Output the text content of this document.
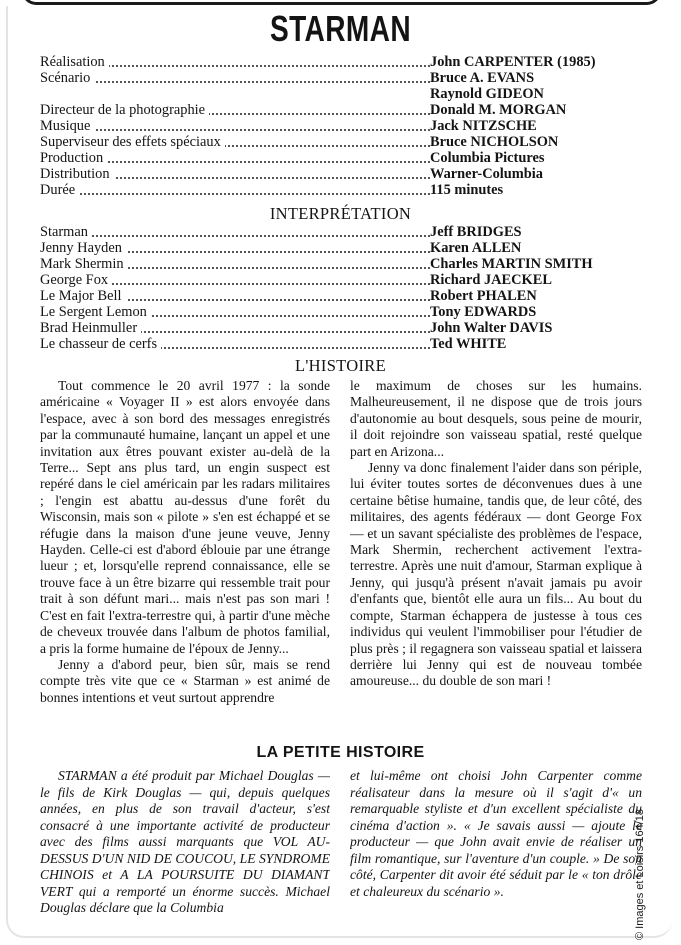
STARMAN
Réalisation	John CARPENTER (1985)
Scénario	Bruce A. EVANS
Raynold GIDEON
Directeur de la photographie	Donald M. MORGAN
Musique	Jack NITZSCHE
Superviseur des effets spéciaux	Bruce NICHOLSON
Production	Columbia Pictures
Distribution	Warner-Columbia
Durée	115 minutes
INTERPRÉTATION
Starman	Jeff BRIDGES
Jenny Hayden	Karen ALLEN
Mark Shermin	Charles MARTIN SMITH
George Fox	Richard JAECKEL
Le Major Bell	Robert PHALEN
Le Sergent Lemon	Tony EDWARDS
Brad Heinmuller	John Walter DAVIS
Le chasseur de cerfs	Ted WHITE
L'HISTOIRE

Tout commence le 20 avril 1977 : la sonde américaine « Voyager II » est alors envoyée dans l'espace, avec à son bord des messages enregistrés par la communauté humaine, lançant un appel et une invitation aux êtres pouvant exister au-delà de la Terre... Sept ans plus tard, un engin suspect est repéré dans le ciel américain par les radars militaires ; l'engin est abattu au-dessus d'une forêt du Wisconsin, mais son « pilote » s'en est échappé et se réfugie dans la maison d'une jeune veuve, Jenny Hayden. Celle-ci est d'abord éblouie par une étrange lueur ; et, lorsqu'elle reprend connaissance, elle se trouve face à un être bizarre qui ressemble trait pour trait à son défunt mari... mais n'est pas son mari ! C'est en fait l'extra-terrestre qui, à partir d'une mèche de cheveux trouvée dans l'album de photos familial, a pris la forme humaine de l'époux de Jenny...

Jenny a d'abord peur, bien sûr, mais se rend compte très vite que ce « Starman » est animé de bonnes intentions et veut surtout apprendre

le maximum de choses sur les humains. Malheureusement, il ne dispose que de trois jours d'autonomie au bout desquels, sous peine de mourir, il doit rejoindre son vaisseau spatial, resté quelque part en Arizona...

Jenny va donc finalement l'aider dans son périple, lui éviter toutes sortes de déconvenues dues à une certaine bêtise humaine, tandis que, de leur côté, des militaires, des agents fédéraux — dont George Fox — et un savant spécialiste des problèmes de l'espace, Mark Shermin, recherchent activement l'extra-terrestre. Après une nuit d'amour, Starman explique à Jenny, qui jusqu'à présent n'avait jamais pu avoir d'enfants que, bientôt elle aura un fils... Au bout du compte, Starman échappera de justesse à tous ces individus qui veulent l'immobiliser pour l'étudier de plus près ; il regagnera son vaisseau spatial et laissera derrière lui Jenny qui est de nouveau tombée amoureuse... du double de son mari !

LA PETITE HISTOIRE

STARMAN a été produit par Michael Douglas — le fils de Kirk Douglas — qui, depuis quelques années, en plus de son travail d'acteur, s'est consacré à une importante activité de producteur avec des films aussi marquants que VOL AU-DESSUS D'UN NID DE COUCOU, LE SYNDROME CHINOIS et A LA POURSUITE DU DIAMANT VERT qui a remporté un énorme succès. Michael Douglas déclare que la Columbia

et lui-même ont choisi John Carpenter comme réalisateur dans la mesure où il s'agit d'« un remarquable styliste et d'un excellent spécialiste du cinéma d'action ». « Je savais aussi — ajoute le producteur — que John avait envie de réaliser un film romantique, sur l'aventure d'un couple. » De son côté, Carpenter dit avoir été séduit par le « ton drôle et chaleureux du scénario ».	© Images et Loisirs 164/18
